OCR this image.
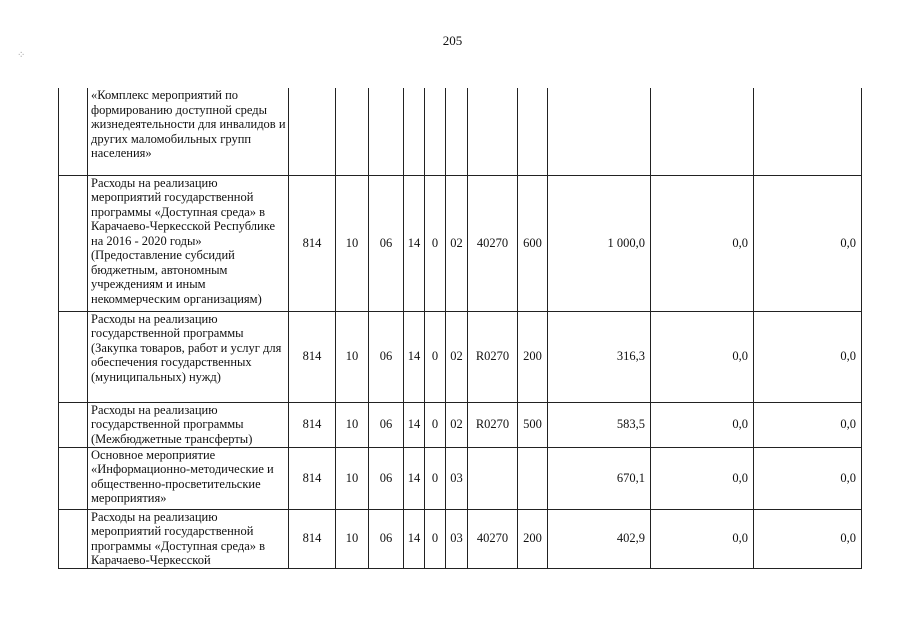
205
⁘
	«Комплекс мероприятий по формированию доступной среды жизнедеятельности для инвалидов и других маломобильных групп населения»											
	Расходы на реализацию мероприятий государственной программы «Доступная среда» в Карачаево-Черкесской Республике на 2016 - 2020 годы» (Предоставление субсидий бюджетным, автономным учреждениям и иным некоммерческим организациям)	814	10	06	14	0	02	40270	600	1 000,0	0,0	0,0
	Расходы на реализацию государственной программы (Закупка товаров, работ и услуг для обеспечения государственных (муниципальных) нужд)	814	10	06	14	0	02	R0270	200	316,3	0,0	0,0
	Расходы на реализацию государственной программы (Межбюджетные трансферты)	814	10	06	14	0	02	R0270	500	583,5	0,0	0,0
	Основное мероприятие «Информационно-методические и общественно-просветительские мероприятия»	814	10	06	14	0	03			670,1	0,0	0,0
	Расходы на реализацию мероприятий государственной программы «Доступная среда» в Карачаево-Черкесской	814	10	06	14	0	03	40270	200	402,9	0,0	0,0
